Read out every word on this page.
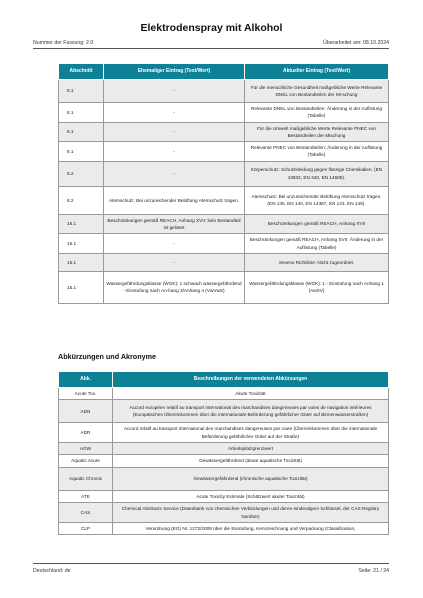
Elektrodenspray mit Alkohol
Nummer der Fassung: 2.0	Überarbeitet am: 08.10.2024
Abschnitt	Ehemaliger Eintrag (Text/Wert)	Aktueller Eintrag (Text/Wert)
8.1	-	Für die menschliche Gesundheit maßgebliche Werte Relevante DNEL von Bestandteilen der Mi-schung
8.1	-	Relevante DNEL von Bestandteilen: Änderung in der Auflistung (Tabelle)
8.1	-	Für die Umwelt maßgebliche Werte Relevante PNEC von Bestandteilen der Mischung
8.1	-	Relevante PNEC von Bestandteilen: Änderung in der Auflistung (Tabelle)
8.2	-	Körperschutz: Schutzkleidung gegen flüssige Chemikalien. (EN 13832, EN 340, EN 14605).
8.2	Atemschutz: Bei unzureichender Belüftung Atemschutz tragen.	Atemschutz: Bei unzureichender Belüftung Atemschutz tragen. (EN 136, EN 140, EN 14387, EN 143, EN 149).
15.1	Beschränkungen gemäß REACH, Anhang XVII: kein Bestandteil ist gelistet	Beschränkungen gemäß REACH, Anhang XVII
15.1	-	Beschränkungen gemäß REACH, Anhang XVII: Änderung in der Auflistung (Tabelle)
15.1	-	Seveso Richtlinie: Nicht zugeordnet.
15.1	Wassergefährdungsklasse (WGK): 1 schwach wassergefährdend - Einstufung nach An-hang 3/Anhang 4 (VwVwS)	Wassergefährdungsklasse (WGK): 1 - Einstufung nach Anhang 1 (AwSV)
Abkürzungen und Akronyme
Abk.	Beschreibungen der verwendeten Abkürzungen
Acute Tox.	Akute Toxizität
ADN	Accord européen relatif au transport international des marchandises dangereuses par voies de navigation intérieures (Europäisches Übereinkommen über die internationale Beförderung gefährlicher Güter auf Binnenwasserstraßen)
ADR	Accord relatif au transport international des marchandises dangereuses par route (Übereinkommen über die internationale Beförderung gefährlicher Güter auf der Straße)
AGW	Arbeitsplatzgrenzwert
Aquatic Acute	Gewässergefährdend (akute aquatische Toxizität)
Aquatic Chronic	Gewässergefährdend (chronische aquatische Toxizität)
ATE	Acute Toxicity Estimate (Schätzwert akuter Toxizität)
CAS	Chemical Abstracts Service (Datenbank von chemischen Verbindungen und deren eindeutigem Schlüssel, der CAS Registry Number)
CLP	Verordnung (EG) Nr. 1272/2008 über die Einstufung, Kennzeichnung und Verpackung (Classification,
Deutschland: de	Seite: 21 / 24
